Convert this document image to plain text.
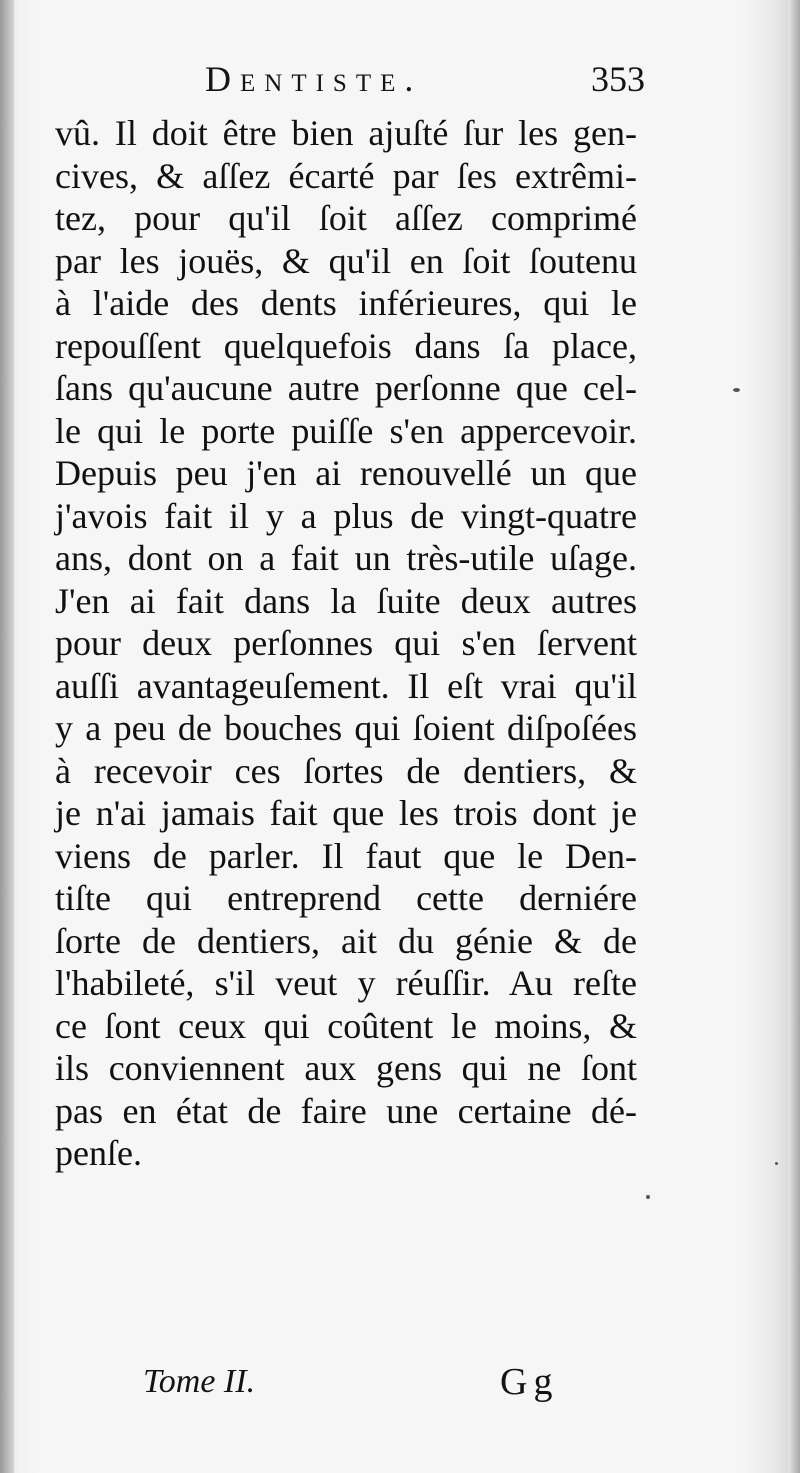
Dentiste.	353
vû. Il doit être bien ajuſté ſur les gen-
cives, & aſſez écarté par ſes extrêmi-
tez, pour qu'il ſoit aſſez comprimé
par les jouës, & qu'il en ſoit ſoutenu
à l'aide des dents inférieures, qui le
repouſſent quelquefois dans ſa place,
ſans qu'aucune autre perſonne que cel-
le qui le porte puiſſe s'en appercevoir.
Depuis peu j'en ai renouvellé un que
j'avois fait il y a plus de vingt-quatre
ans, dont on a fait un très-utile uſage.
J'en ai fait dans la ſuite deux autres
pour deux perſonnes qui s'en ſervent
auſſi avantageuſement. Il eſt vrai qu'il
y a peu de bouches qui ſoient diſpoſées
à recevoir ces ſortes de dentiers, &
je n'ai jamais fait que les trois dont je
viens de parler. Il faut que le Den-
tiſte qui entreprend cette derniére
ſorte de dentiers, ait du génie & de
l'habileté, s'il veut y réuſſir. Au reſte
ce ſont ceux qui coûtent le moins, &
ils conviennent aux gens qui ne ſont
pas en état de faire une certaine dé-
penſe.
Tome II.	Gg
